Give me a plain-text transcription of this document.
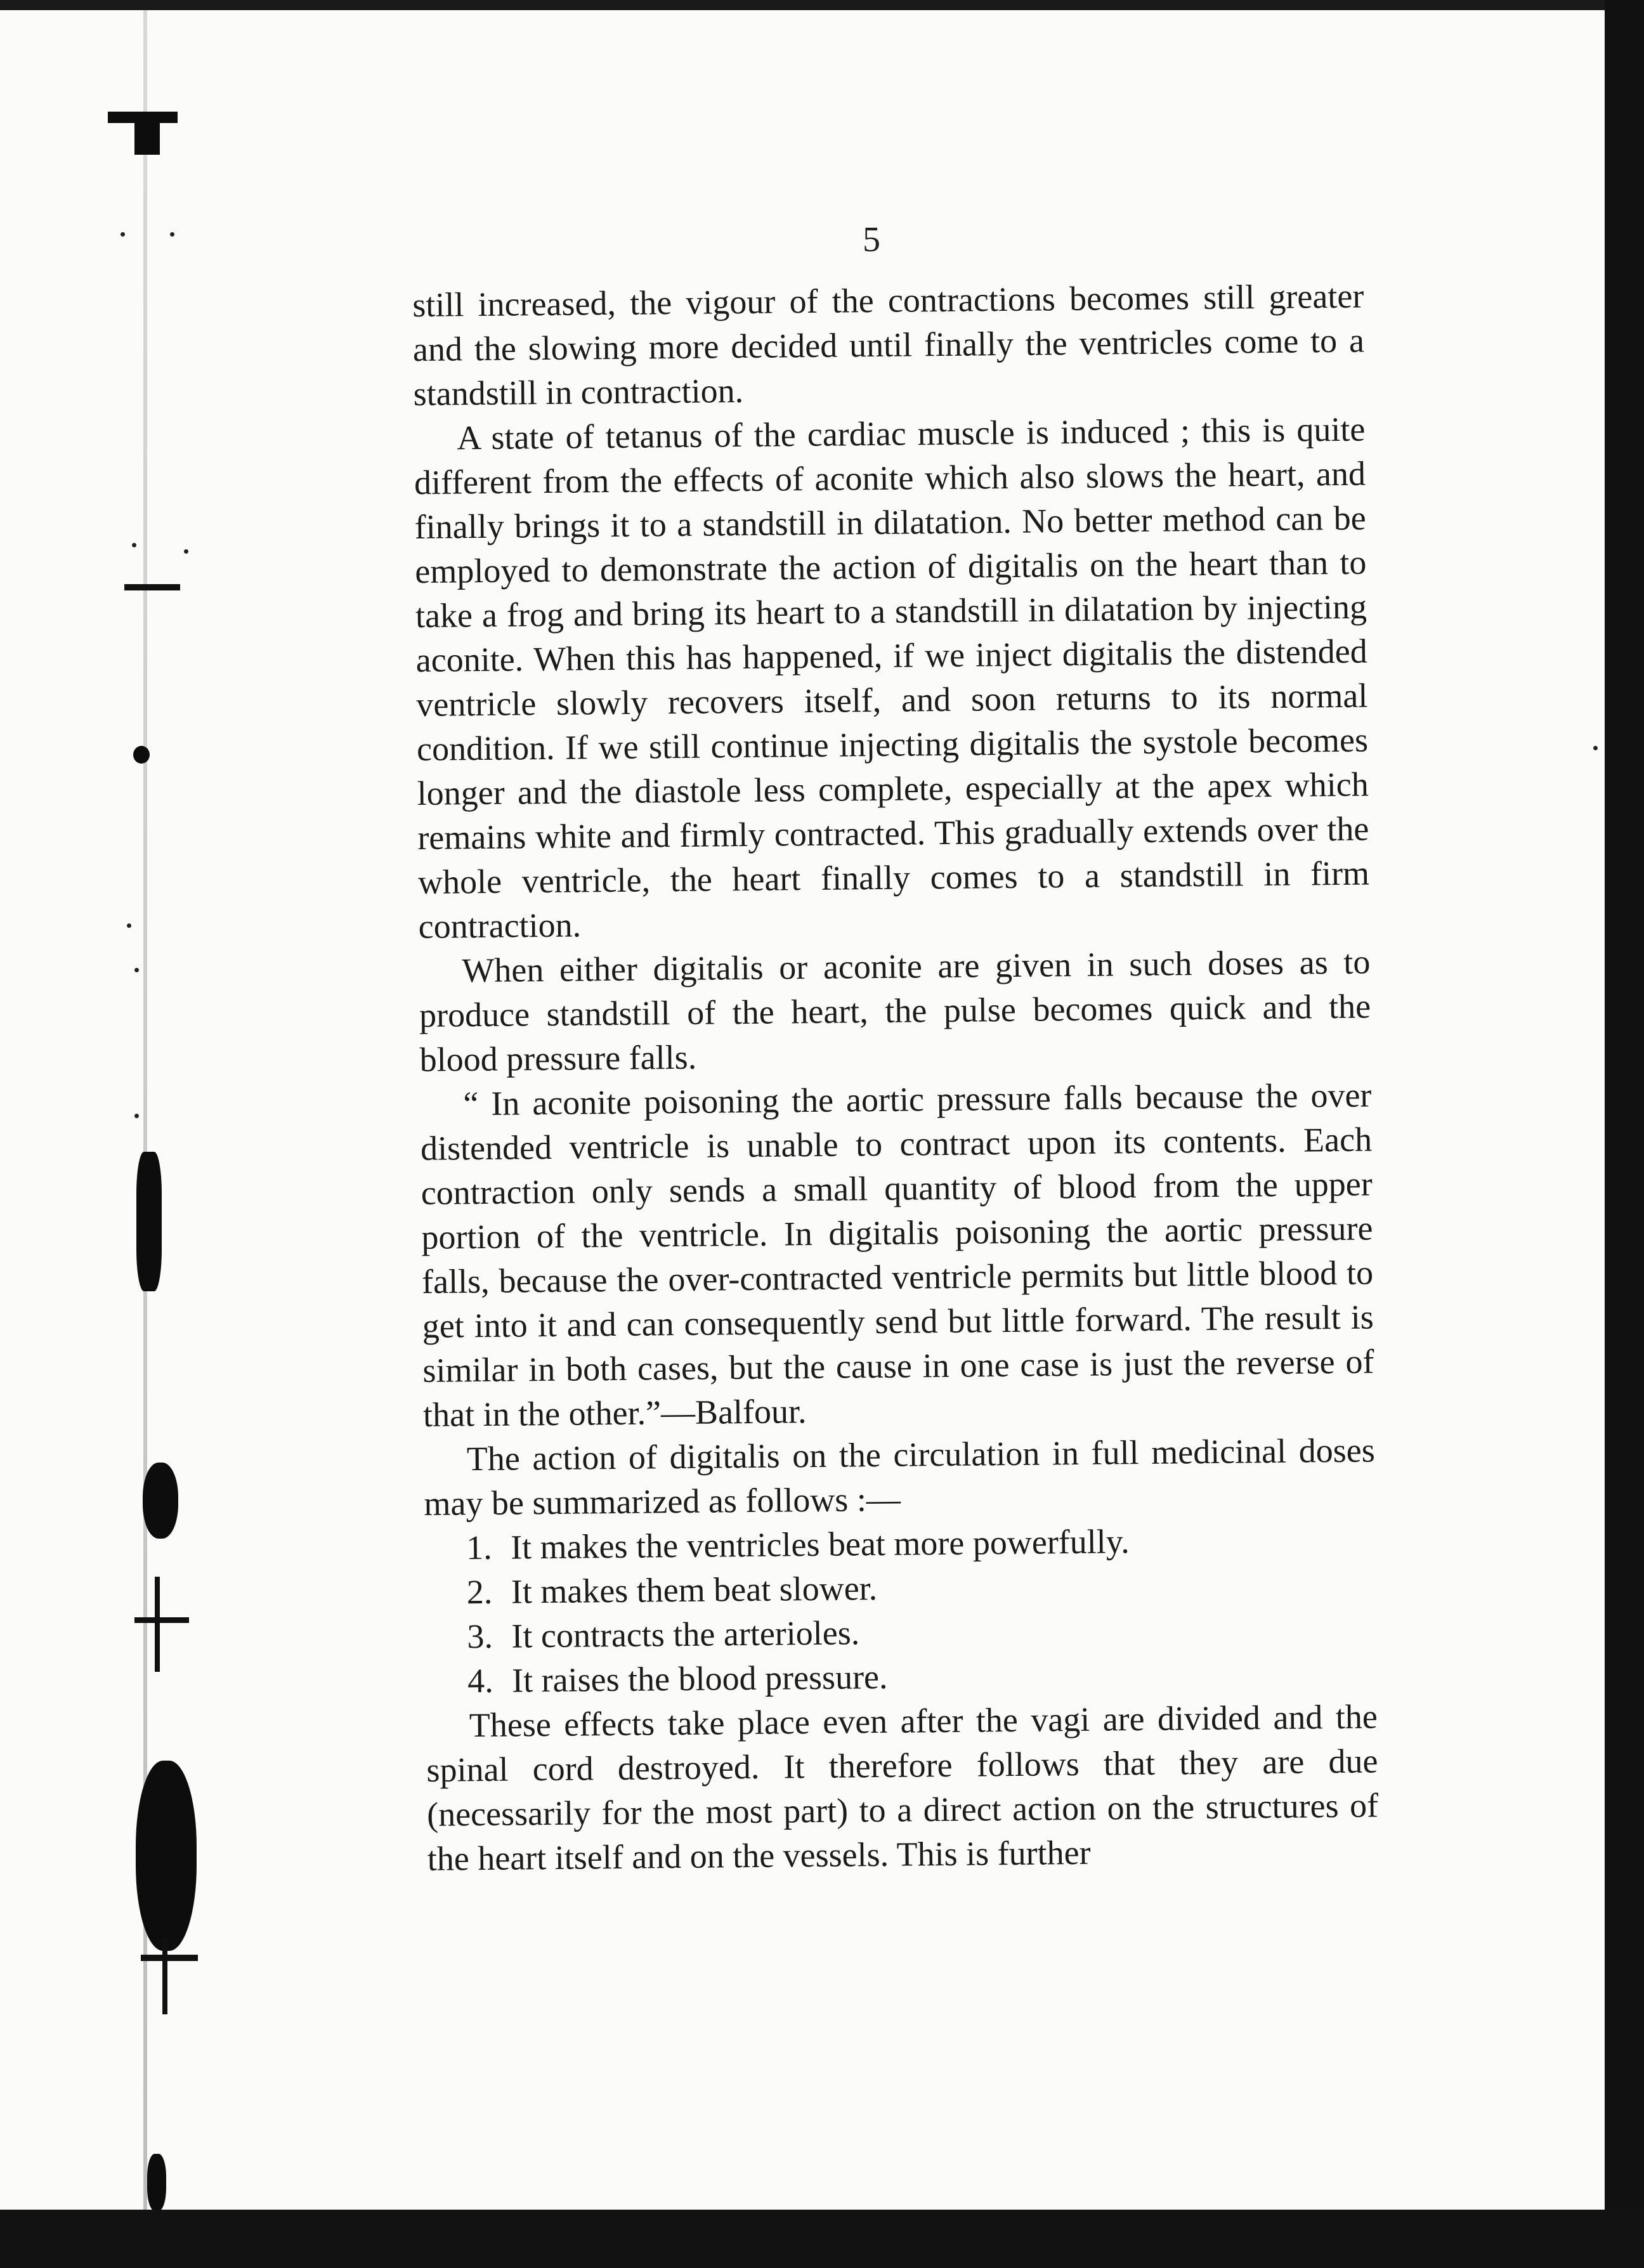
5

still increased, the vigour of the contractions becomes still greater and the slowing more decided until finally the ventricles come to a standstill in contraction.

A state of tetanus of the cardiac muscle is induced ; this is quite different from the effects of aconite which also slows the heart, and finally brings it to a standstill in dilatation. No better method can be employed to demonstrate the action of digitalis on the heart than to take a frog and bring its heart to a standstill in dilatation by injecting aconite. When this has happened, if we inject digitalis the distended ventricle slowly recovers itself, and soon returns to its normal condition. If we still continue injecting digitalis the systole becomes longer and the diastole less complete, especially at the apex which remains white and firmly contracted. This gradually extends over the whole ventricle, the heart finally comes to a standstill in firm contraction.

When either digitalis or aconite are given in such doses as to produce standstill of the heart, the pulse becomes quick and the blood pressure falls.

“ In aconite poisoning the aortic pressure falls because the over distended ventricle is unable to contract upon its contents. Each contraction only sends a small quantity of blood from the upper portion of the ventricle. In digitalis poisoning the aortic pressure falls, because the over-contracted ventricle permits but little blood to get into it and can consequently send but little forward. The result is similar in both cases, but the cause in one case is just the reverse of that in the other.”—Balfour.

The action of digitalis on the circulation in full medicinal doses may be summarized as follows :—

1. It makes the ventricles beat more powerfully.
2. It makes them beat slower.
3. It contracts the arterioles.
4. It raises the blood pressure.

These effects take place even after the vagi are divided and the spinal cord destroyed. It therefore follows that they are due (necessarily for the most part) to a direct action on the structures of the heart itself and on the vessels. This is further
